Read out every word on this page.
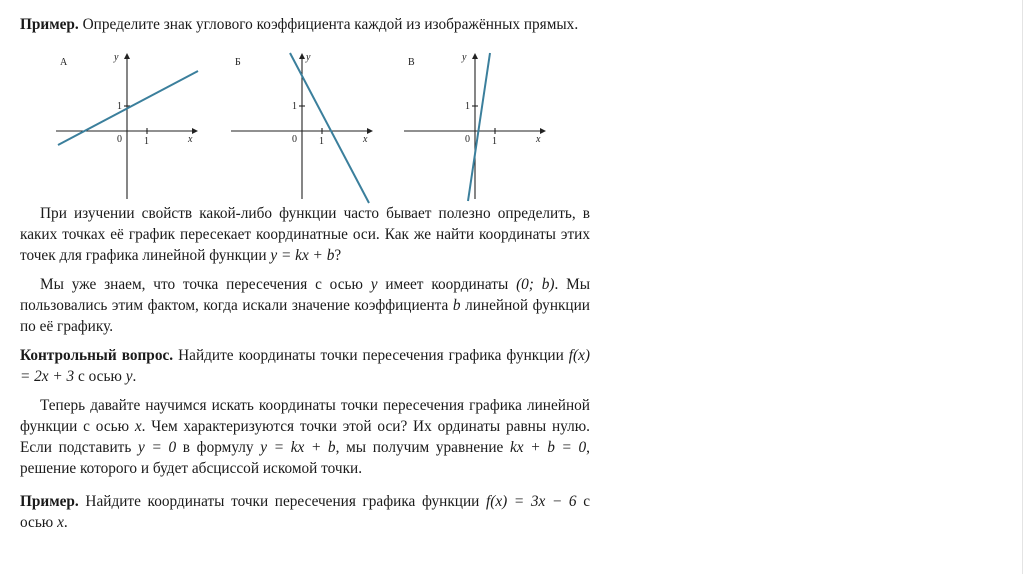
Пример. Определите знак углового коэффициента каждой из изображённых прямых.

А	y
x
0 1
1
Б	y
x
0 1
1
В	y
x
0 1
1

При изучении свойств какой-либо функции часто бывает полезно определить, в каких точках её график пересекает координатные оси. Как же найти координаты этих точек для графика линейной функции y = kx + b?

Мы уже знаем, что точка пересечения с осью y имеет координаты (0; b). Мы пользовались этим фактом, когда искали значение коэффициента b линейной функции по её графику.

Контрольный вопрос. Найдите координаты точки пересечения графика функции f(x) = 2x + 3 с осью y.

Теперь давайте научимся искать координаты точки пересечения графика линейной функции с осью x. Чем характеризуются точки этой оси? Их ординаты равны нулю. Если подставить y = 0 в формулу y = kx + b, мы получим уравнение kx + b = 0, решение которого и будет абсциссой искомой точки.

Пример. Найдите координаты точки пересечения графика функции f(x) = 3x − 6 с осью x.
